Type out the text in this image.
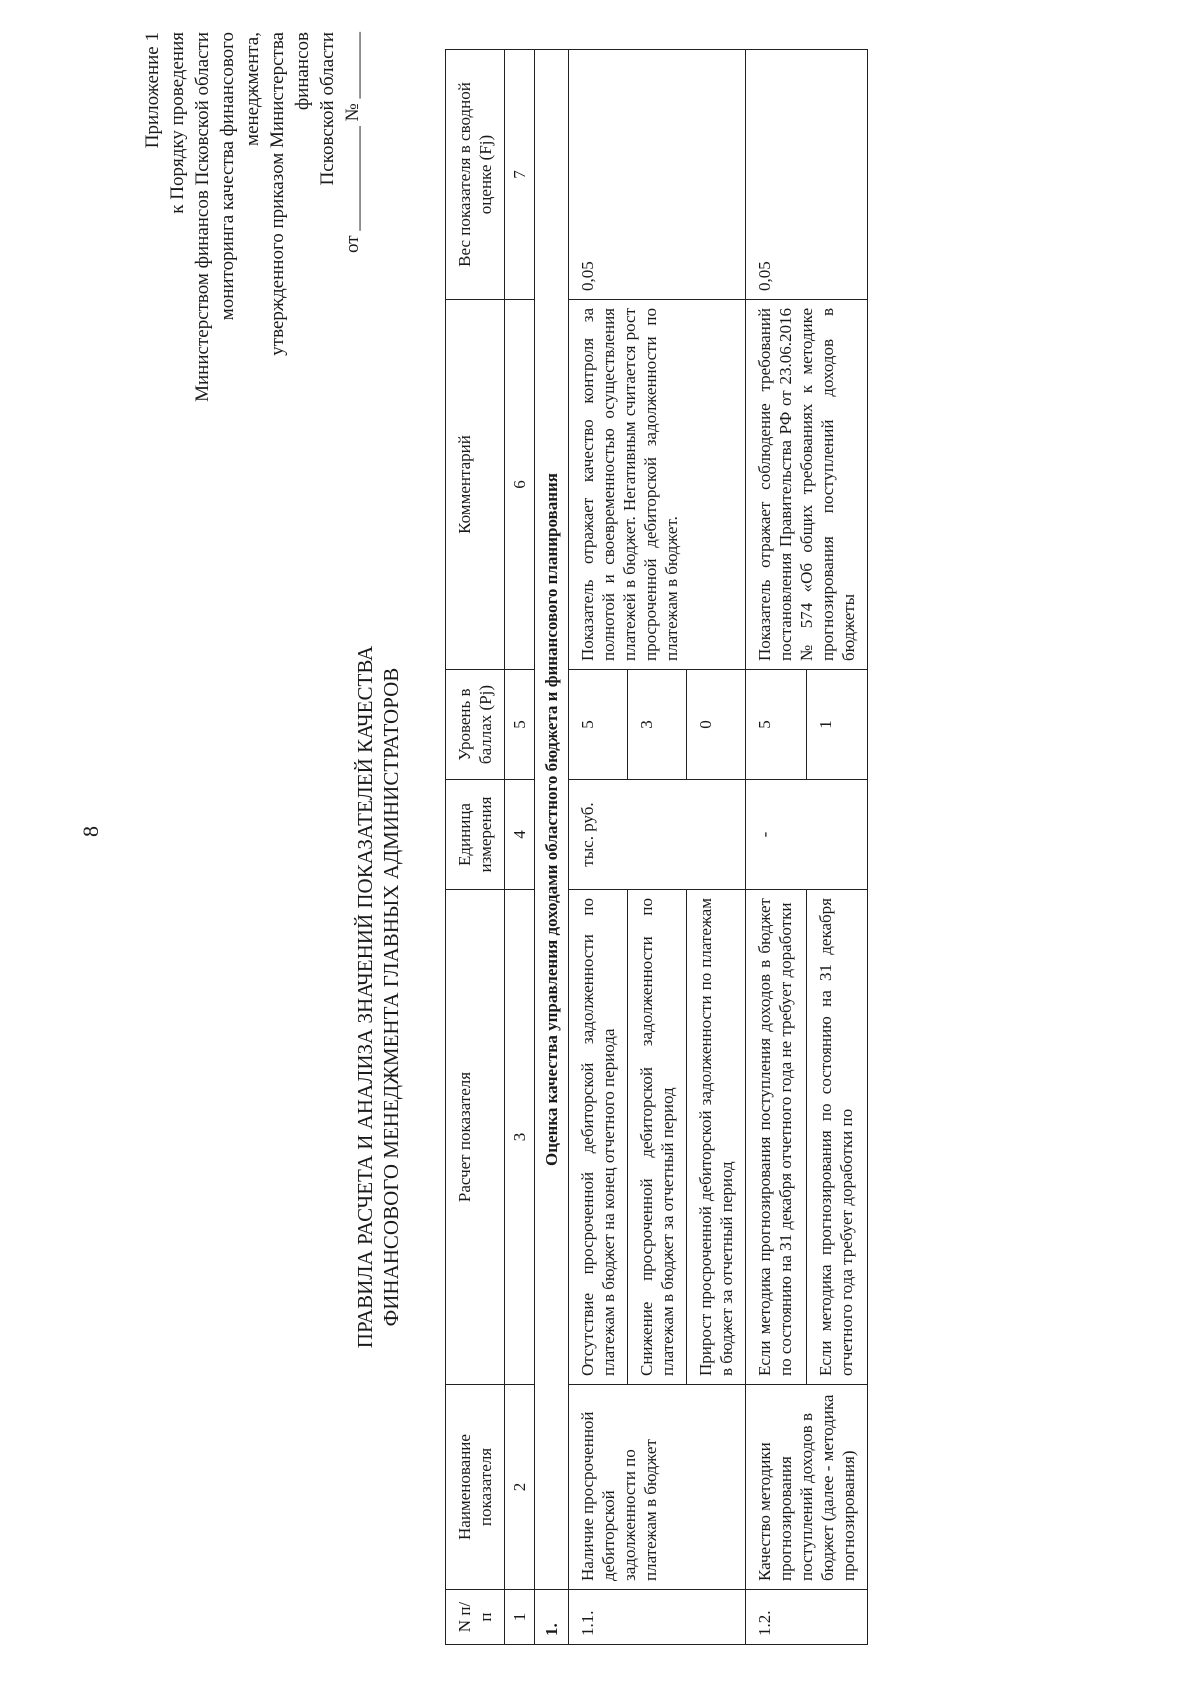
8
Приложение 1 к Порядку проведения Министерством финансов Псковской области мониторинга качества финансового менеджмента, утвержденного приказом Министерства финансов Псковской области от ___________ № _______
ПРАВИЛА РАСЧЕТА И АНАЛИЗА ЗНАЧЕНИЙ ПОКАЗАТЕЛЕЙ КАЧЕСТВА ФИНАНСОВОГО МЕНЕДЖМЕНТА ГЛАВНЫХ АДМИНИСТРАТОРОВ
N п/п	Наименование показателя	Расчет показателя	Единица измерения	Уровень в баллах (Pj)	Комментарий	Вес показателя в сводной оценке (Fj)
1	2	3	4	5	6	7
1.	Оценка качества управления доходами областного бюджета и финансового планирования					
1.1.	Наличие просроченной дебиторской задолженности по платежам в бюджет	Отсутствие просроченной дебиторской задолженности по платежам в бюджет на конец отчетного периода	тыс. руб.	5	Показатель отражает качество контроля за полнотой и своевременностью осуществления платежей в бюджет. Негативным считается рост просроченной дебиторской задолженности по платежам в бюджет.	0,05
		Снижение просроченной дебиторской задолженности по платежам в бюджет за отчетный период		3		
		Прирост просроченной дебиторской задолженности по платежам в бюджет за отчетный период		0		
1.2.	Качество методики прогнозирования поступлений доходов в бюджет (далее - методика прогнозирования)	Если методика прогнозирования поступления доходов в бюджет по состоянию на 31 декабря отчетного года не требует доработки	-	5	Показатель отражает соблюдение требований постановления Правительства РФ от 23.06.2016 № 574 «Об общих требованиях к методике прогнозирования поступлений доходов в бюджеты	0,05
		Если методика прогнозирования по состоянию на 31 декабря отчетного года требует доработки по		1		
